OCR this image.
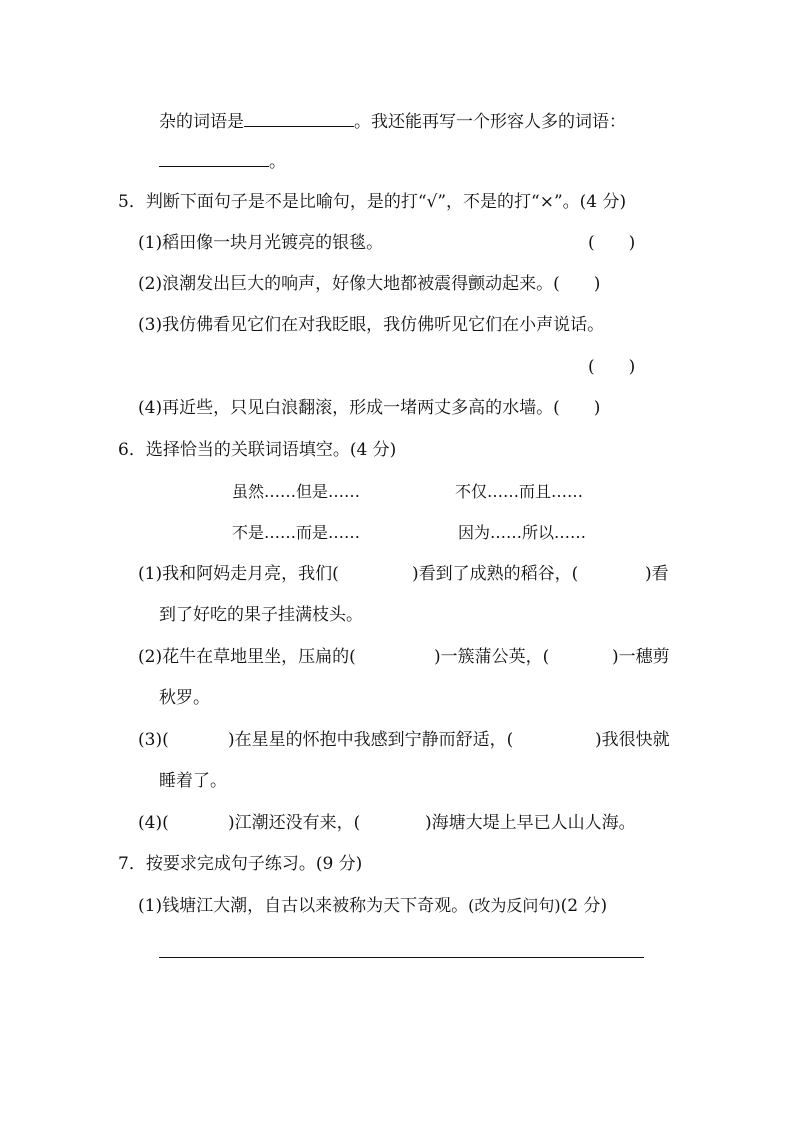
杂的词语是	。我还能再写一个形容人多的词语：
。
5．判断下面句子是不是比喻句，是的打“√”，不是的打“×”。(4 分)
(1)稻田像一块月光镀亮的银毯。	(　　)
(2)浪潮发出巨大的响声，好像大地都被震得颤动起来。(　　)
(3)我仿佛看见它们在对我眨眼，我仿佛听见它们在小声说话。
(　　)
(4)再近些，只见白浪翻滚，形成一堵两丈多高的水墙。(　　)
6．选择恰当的关联词语填空。(4 分)
虽然……但是……	不仅……而且……
不是……而是……	因为……所以……
(1)我和阿妈走月亮，我们(	)看到了成熟的稻谷，(	)看
到了好吃的果子挂满枝头。
(2)花牛在草地里坐，压扁的(	)一簇蒲公英，(	)一穗剪
秋罗。
(3)(	)在星星的怀抱中我感到宁静而舒适，(	)我很快就
睡着了。
(4)(	)江潮还没有来，(	)海塘大堤上早已人山人海。
7．按要求完成句子练习。(9 分)
(1)钱塘江大潮，自古以来被称为天下奇观。(改为反问句)(2 分)
